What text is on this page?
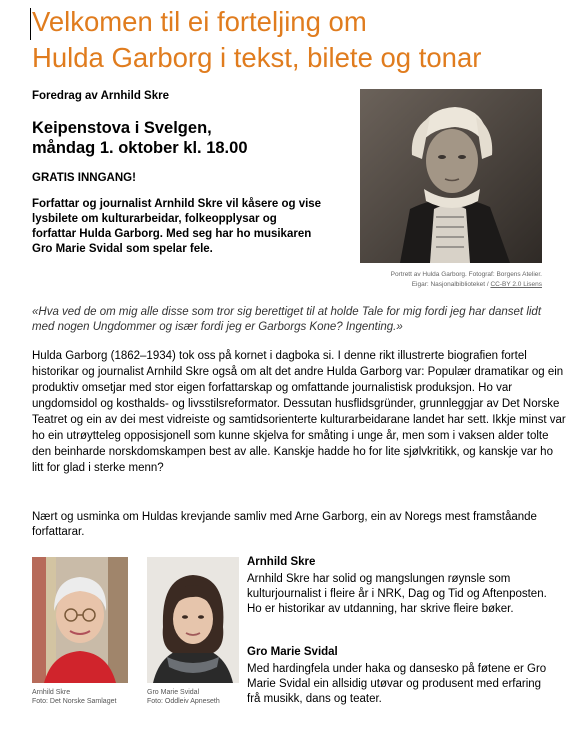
Velkomen til ei forteljing om
Hulda Garborg i tekst, bilete og tonar
Foredrag av Arnhild Skre
Keipenstova i Svelgen,
måndag 1. oktober kl. 18.00
GRATIS INNGANG!
Forfattar og journalist Arnhild Skre vil kåsere og vise lysbilete om kulturarbeidar, folkeopplysar og forfattar Hulda Garborg. Med seg har ho musikaren Gro Marie Svidal som spelar fele.
Portrett av Hulda Garborg. Fotograf: Borgens Atelier.
Eigar: Nasjonalbiblioteket / CC-BY 2.0 Lisens
«Hva ved de om mig alle disse som tror sig berettiget til at holde Tale for mig fordi jeg har danset lidt med nogen Ungdommer og især fordi jeg er Garborgs Kone? Ingenting.»
Hulda Garborg (1862–1934) tok oss på kornet i dagboka si. I denne rikt illustrerte biografien fortel historikar og journalist Arnhild Skre også om alt det andre Hulda Garborg var: Populær dramatikar og ein produktiv omsetjar med stor eigen forfattarskap og omfattande journalistisk produksjon. Ho var ungdomsidol og kosthalds- og livsstilsreformator. Dessutan husflidsgründer, grunnleggjar av Det Norske Teatret og ein av dei mest vidreiste og samtidsorienterte kulturarbeidarane landet har sett. Ikkje minst var ho ein utrøytteleg opposisjonell som kunne skjelva for småting i unge år, men som i vaksen alder tolte den beinharde norskdomskampen best av alle. Kanskje hadde ho for lite sjølvkritikk, og kanskje var ho litt for glad i sterke menn?
Nært og usminka om Huldas krevjande samliv med Arne Garborg, ein av Noregs mest framståande forfattarar.
Arnhild Skre
Foto: Det Norske Samlaget
Gro Marie Svidal
Foto: Oddleiv Apneseth
Arnhild Skre
Arnhild Skre har solid og mangslungen røynsle som kulturjournalist i fleire år i NRK, Dag og Tid og Aftenposten. Ho er historikar av utdanning, har skrive fleire bøker.
Gro Marie Svidal
Med hardingfela under haka og dansesko på føtene er Gro Marie Svidal ein allsidig utøvar og produsent med erfaring frå musikk, dans og teater.
